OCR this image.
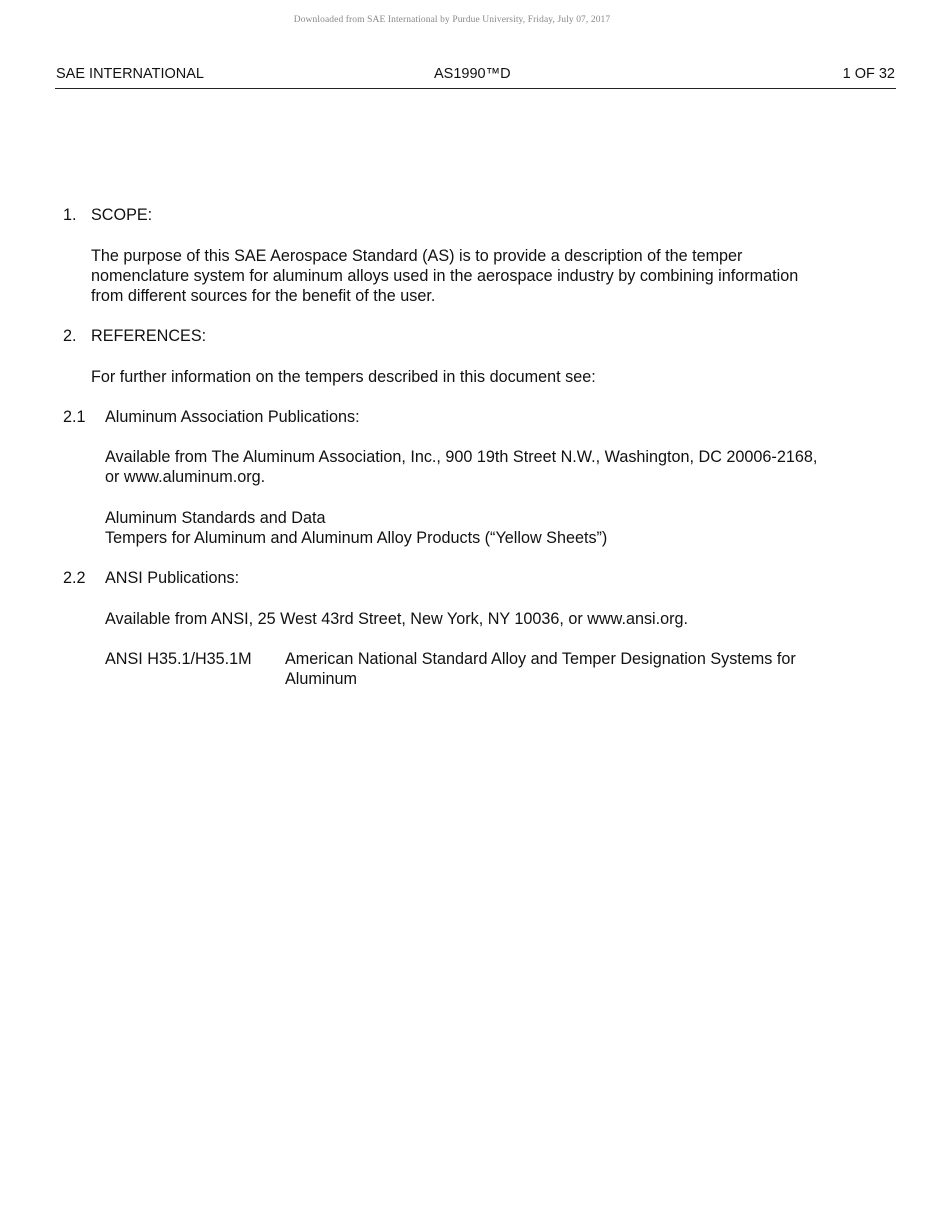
Downloaded from SAE International by Purdue University, Friday, July 07, 2017
SAE INTERNATIONAL	AS1990™D	1 OF 32
1. SCOPE:
The purpose of this SAE Aerospace Standard (AS) is to provide a description of the temper
nomenclature system for aluminum alloys used in the aerospace industry by combining information
from different sources for the benefit of the user.
2. REFERENCES:
For further information on the tempers described in this document see:
2.1 Aluminum Association Publications:
Available from The Aluminum Association, Inc., 900 19th Street N.W., Washington, DC 20006-2168,
or www.aluminum.org.
Aluminum Standards and Data
Tempers for Aluminum and Aluminum Alloy Products (“Yellow Sheets”)
2.2 ANSI Publications:
Available from ANSI, 25 West 43rd Street, New York, NY 10036, or www.ansi.org.
ANSI H35.1/H35.1M American National Standard Alloy and Temper Designation Systems for
Aluminum
